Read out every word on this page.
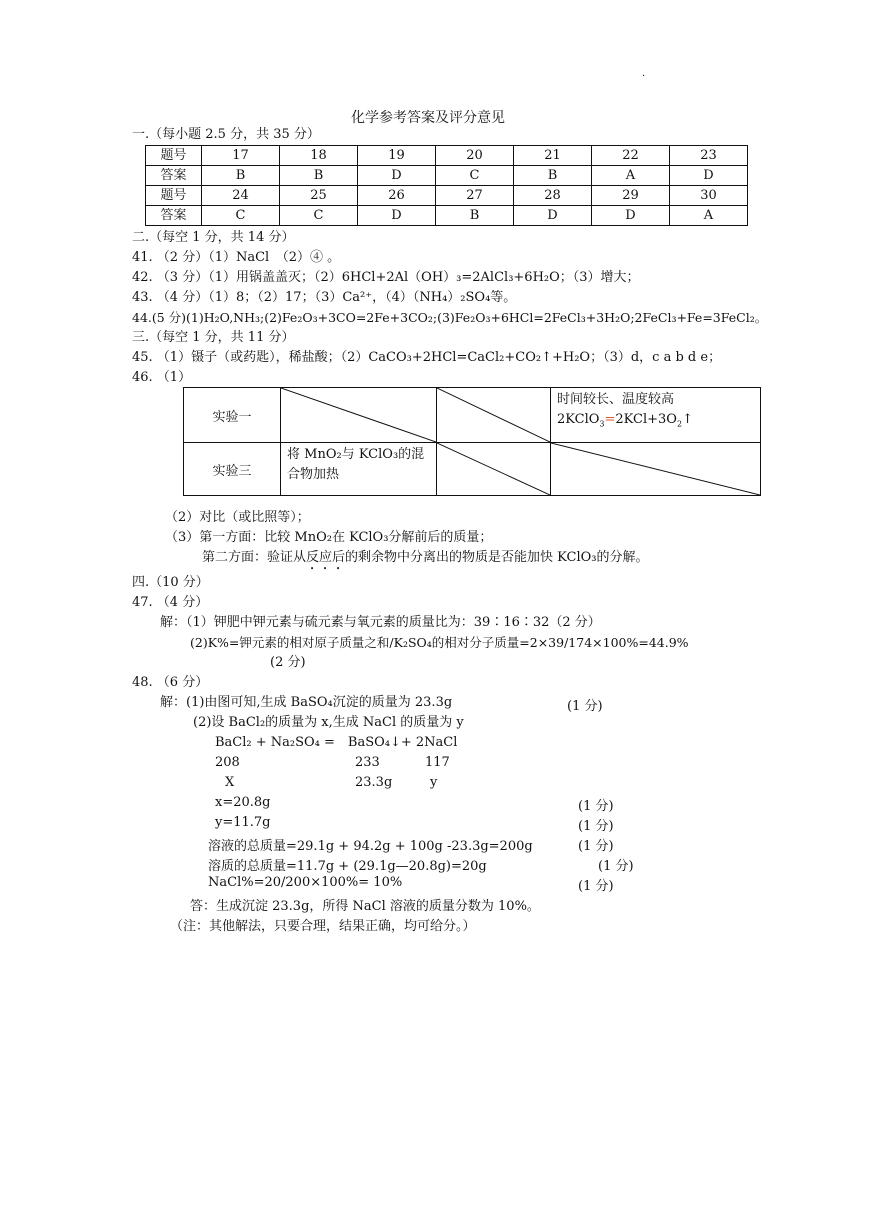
.
化学参考答案及评分意见
一.（每小题 2.5 分，共 35 分）
题号	17	18	19	20	21	22	23
答案	B	B	D	C	B	A	D
题号	24	25	26	27	28	29	30
答案	C	C	D	B	D	D	A
二.（每空 1 分，共 14 分）
41. （2 分）（1）NaCl　（2）④ 。
42. （3 分）（1）用锅盖盖灭；（2）6HCl+2Al（OH）₃=2AlCl₃+6H₂O；（3）增大；
43. （4 分）（1）8；（2）17；（3）Ca²⁺，（4）（NH₄）₂SO₄等。
44.(5 分)(1)H₂O,NH₃;(2)Fe₂O₃+3CO=2Fe+3CO₂;(3)Fe₂O₃+6HCl=2FeCl₃+3H₂O;2FeCl₃+Fe=3FeCl₂。
三.（每空 1 分，共 11 分）
45. （1）镊子（或药匙），稀盐酸；（2）CaCO₃+2HCl=CaCl₂+CO₂↑+H₂O；（3）d，c a b d e；
46. （1）
实验一			时间较长、温度较高
$2KClO_3=2KCl+3O_2↑$

实验三	将 MnO₂与 KClO₃的混
合物加热

（2）对比（或比照等）；
（3）第一方面：比较 MnO₂在 KClO₃分解前后的质量；
第二方面：验证从反应后的剩余物中分离出的物质是否能加快 KClO₃的分解。
四.（10 分）
47. （4 分）
解：（1）钾肥中钾元素与硫元素与氧元素的质量比为：39∶16∶32（2 分）
(2)K%=钾元素的相对原子质量之和/K₂SO₄的相对分子质量=2×39/174×100%=44.9%
(2 分)
48. （6 分）
解：(1)由图可知,生成 BaSO₄沉淀的质量为 23.3g	(1 分)
(2)设 BaCl₂的质量为 x,生成 NaCl 的质量为 y
BaCl₂ + Na₂SO₄ =　BaSO₄↓+ 2NaCl
208	233	117
X	23.3g	y
x=20.8g	(1 分)
y=11.7g	(1 分)
溶液的总质量=29.1g + 94.2g + 100g -23.3g=200g	(1 分)
溶质的总质量=11.7g + (29.1g—20.8g)=20g	(1 分)
NaCl%=20/200×100%= 10%	(1 分)
答：生成沉淀 23.3g，所得 NaCl 溶液的质量分数为 10%。
（注：其他解法，只要合理，结果正确，均可给分。）
